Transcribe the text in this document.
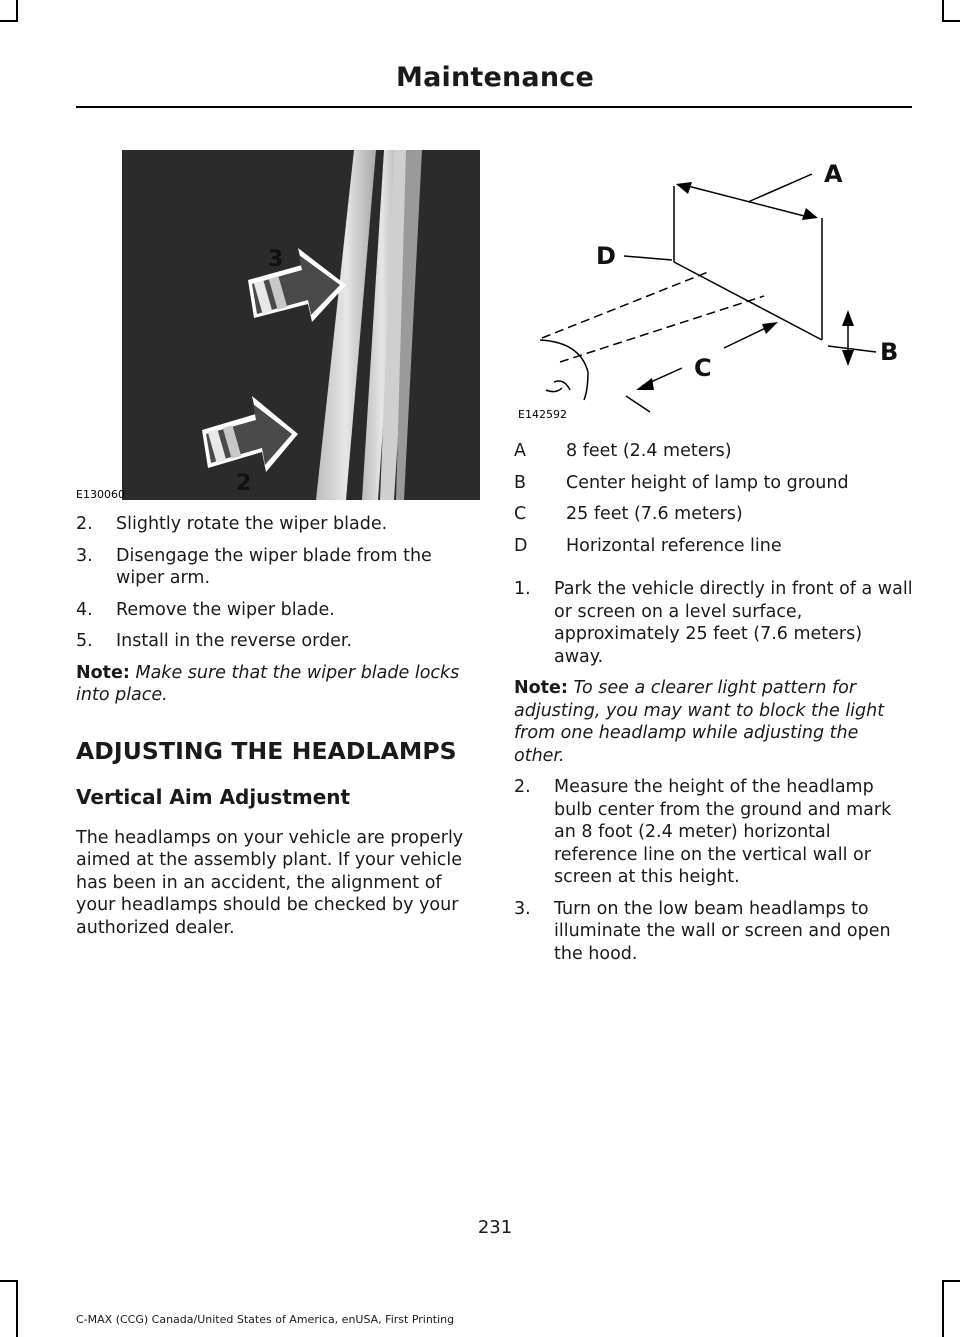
Maintenance
3
2
E130060
A
B
C
D
E142592
2. Slightly rotate the wiper blade.
3. Disengage the wiper blade from the wiper arm.
4. Remove the wiper blade.
5. Install in the reverse order.

Note: Make sure that the wiper blade locks into place.

ADJUSTING THE HEADLAMPS
Vertical Aim Adjustment

The headlamps on your vehicle are properly aimed at the assembly plant. If your vehicle has been in an accident, the alignment of your headlamps should be checked by your authorized dealer.

A	8 feet (2.4 meters)
B	Center height of lamp to ground
C	25 feet (7.6 meters)
D	Horizontal reference line
1. Park the vehicle directly in front of a wall or screen on a level surface, approximately 25 feet (7.6 meters) away.

Note: To see a clearer light pattern for adjusting, you may want to block the light from one headlamp while adjusting the other.

2. Measure the height of the headlamp bulb center from the ground and mark an 8 foot (2.4 meter) horizontal reference line on the vertical wall or screen at this height.
3. Turn on the low beam headlamps to illuminate the wall or screen and open the hood.
231
C-MAX (CCG) Canada/United States of America, enUSA, First Printing
